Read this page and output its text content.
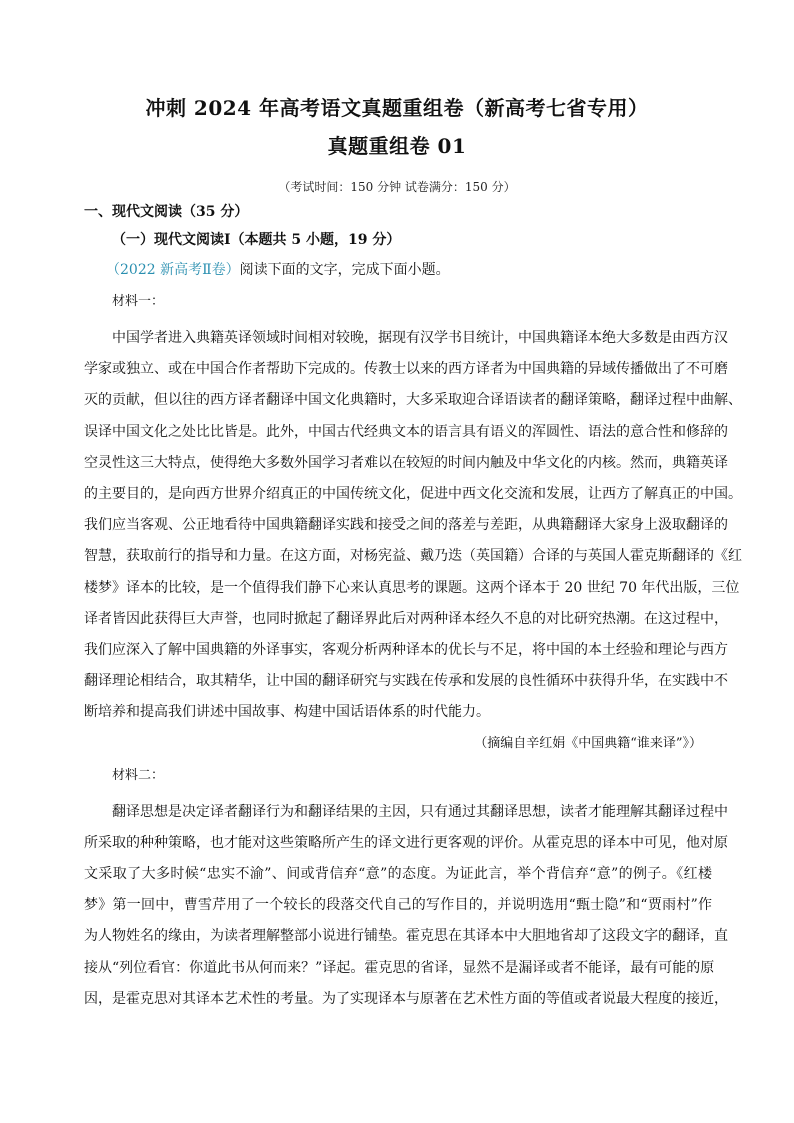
冲刺 2024 年高考语文真题重组卷（新高考七省专用）
真题重组卷 01
（考试时间：150 分钟 试卷满分：150 分）
一、现代文阅读（35 分）
（一）现代文阅读Ⅰ（本题共 5 小题，19 分）
（2022 新高考Ⅱ卷）阅读下面的文字，完成下面小题。
材料一：
中国学者进入典籍英译领域时间相对较晚，据现有汉学书目统计，中国典籍译本绝大多数是由西方汉
学家或独立、或在中国合作者帮助下完成的。传教士以来的西方译者为中国典籍的异域传播做出了不可磨
灭的贡献，但以往的西方译者翻译中国文化典籍时，大多采取迎合译语读者的翻译策略，翻译过程中曲解、
误译中国文化之处比比皆是。此外，中国古代经典文本的语言具有语义的浑圆性、语法的意合性和修辞的
空灵性这三大特点，使得绝大多数外国学习者难以在较短的时间内触及中华文化的内核。然而，典籍英译
的主要目的，是向西方世界介绍真正的中国传统文化，促进中西文化交流和发展，让西方了解真正的中国。
我们应当客观、公正地看待中国典籍翻译实践和接受之间的落差与差距，从典籍翻译大家身上汲取翻译的
智慧，获取前行的指导和力量。在这方面，对杨宪益、戴乃迭（英国籍）合译的与英国人霍克斯翻译的《红
楼梦》译本的比较，是一个值得我们静下心来认真思考的课题。这两个译本于 20 世纪 70 年代出版，三位
译者皆因此获得巨大声誉，也同时掀起了翻译界此后对两种译本经久不息的对比研究热潮。在这过程中，
我们应深入了解中国典籍的外译事实，客观分析两种译本的优长与不足，将中国的本土经验和理论与西方
翻译理论相结合，取其精华，让中国的翻译研究与实践在传承和发展的良性循环中获得升华，在实践中不
断培养和提高我们讲述中国故事、构建中国话语体系的时代能力。
（摘编自辛红娟《中国典籍“谁来译”》）
材料二：
翻译思想是决定译者翻译行为和翻译结果的主因，只有通过其翻译思想，读者才能理解其翻译过程中
所采取的种种策略，也才能对这些策略所产生的译文进行更客观的评价。从霍克思的译本中可见，他对原
文采取了大多时候“忠实不渝”、间或背信弃“意”的态度。为证此言，举个背信弃“意”的例子。《红楼
梦》第一回中，曹雪芹用了一个较长的段落交代自己的写作目的，并说明选用“甄士隐”和“贾雨村”作
为人物姓名的缘由，为读者理解整部小说进行铺垫。霍克思在其译本中大胆地省却了这段文字的翻译，直
接从“列位看官：你道此书从何而来？”译起。霍克思的省译，显然不是漏译或者不能译，最有可能的原
因，是霍克思对其译本艺术性的考量。为了实现译本与原著在艺术性方面的等值或者说最大程度的接近，
